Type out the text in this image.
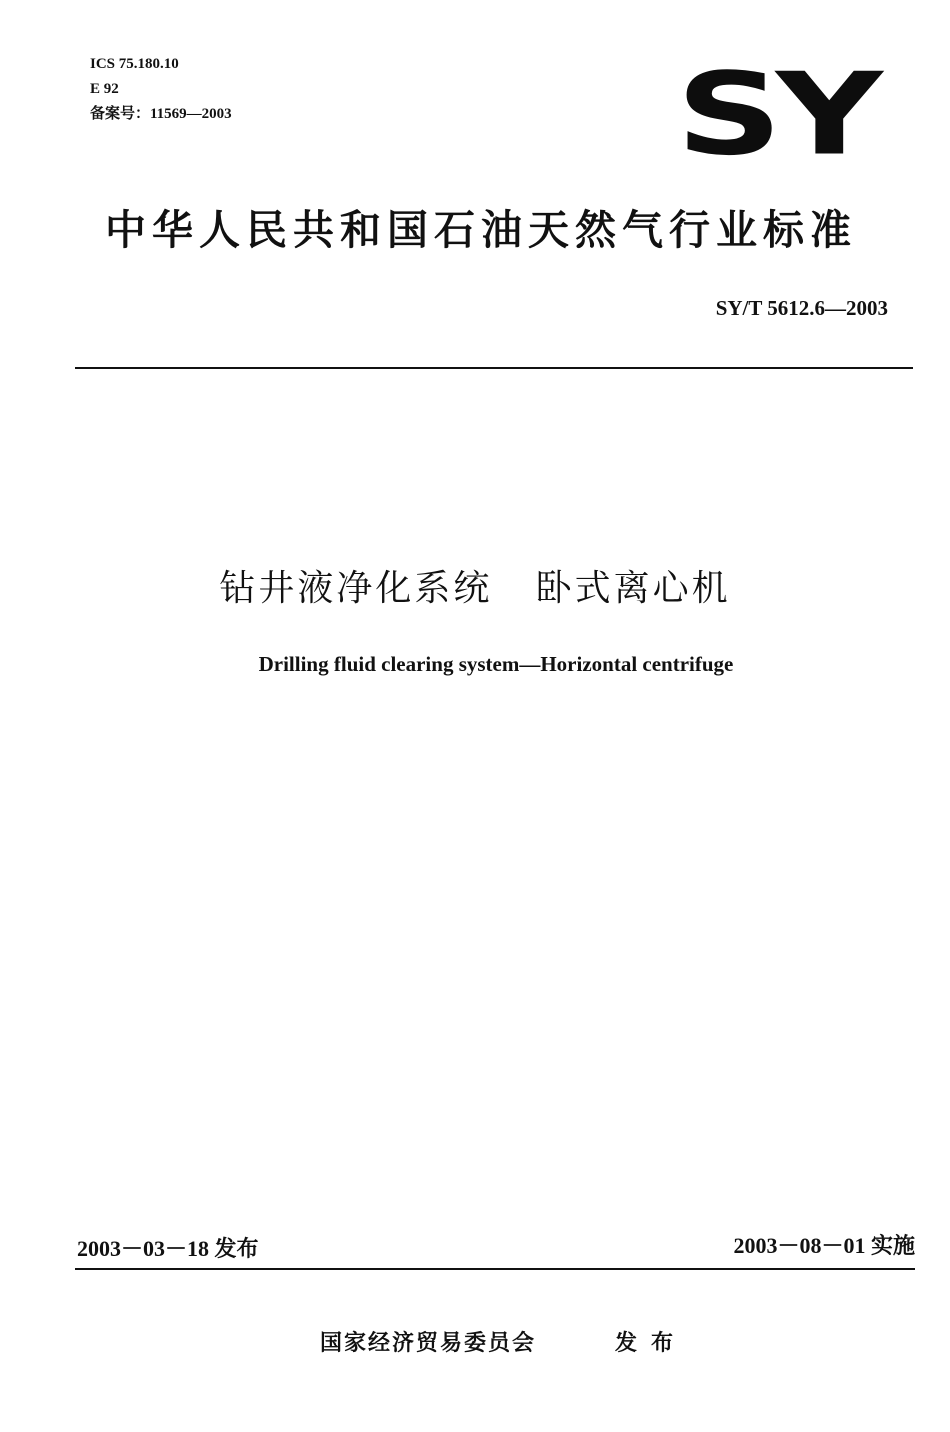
ICS 75.180.10
E 92
备案号：11569—2003	SY
中华人民共和国石油天然气行业标准
SY/T 5612.6—2003
钻井液净化系统   卧式离心机
Drilling fluid clearing system—Horizontal centrifuge
2003－03－18 发布	2003－08－01 实施
国家经济贸易委员会	发布
